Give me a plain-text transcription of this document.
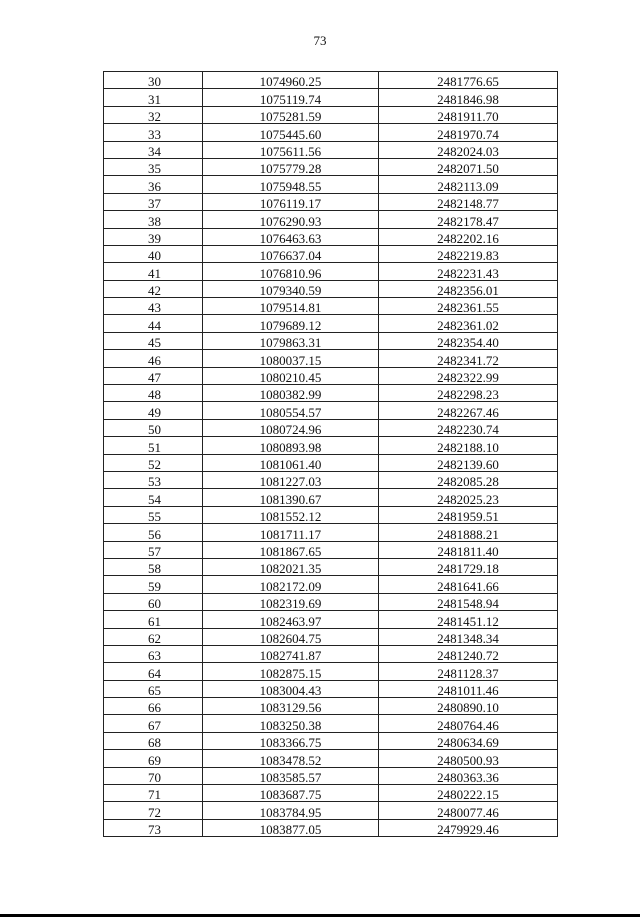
73
30	1074960.25	2481776.65
31	1075119.74	2481846.98
32	1075281.59	2481911.70
33	1075445.60	2481970.74
34	1075611.56	2482024.03
35	1075779.28	2482071.50
36	1075948.55	2482113.09
37	1076119.17	2482148.77
38	1076290.93	2482178.47
39	1076463.63	2482202.16
40	1076637.04	2482219.83
41	1076810.96	2482231.43
42	1079340.59	2482356.01
43	1079514.81	2482361.55
44	1079689.12	2482361.02
45	1079863.31	2482354.40
46	1080037.15	2482341.72
47	1080210.45	2482322.99
48	1080382.99	2482298.23
49	1080554.57	2482267.46
50	1080724.96	2482230.74
51	1080893.98	2482188.10
52	1081061.40	2482139.60
53	1081227.03	2482085.28
54	1081390.67	2482025.23
55	1081552.12	2481959.51
56	1081711.17	2481888.21
57	1081867.65	2481811.40
58	1082021.35	2481729.18
59	1082172.09	2481641.66
60	1082319.69	2481548.94
61	1082463.97	2481451.12
62	1082604.75	2481348.34
63	1082741.87	2481240.72
64	1082875.15	2481128.37
65	1083004.43	2481011.46
66	1083129.56	2480890.10
67	1083250.38	2480764.46
68	1083366.75	2480634.69
69	1083478.52	2480500.93
70	1083585.57	2480363.36
71	1083687.75	2480222.15
72	1083784.95	2480077.46
73	1083877.05	2479929.46
